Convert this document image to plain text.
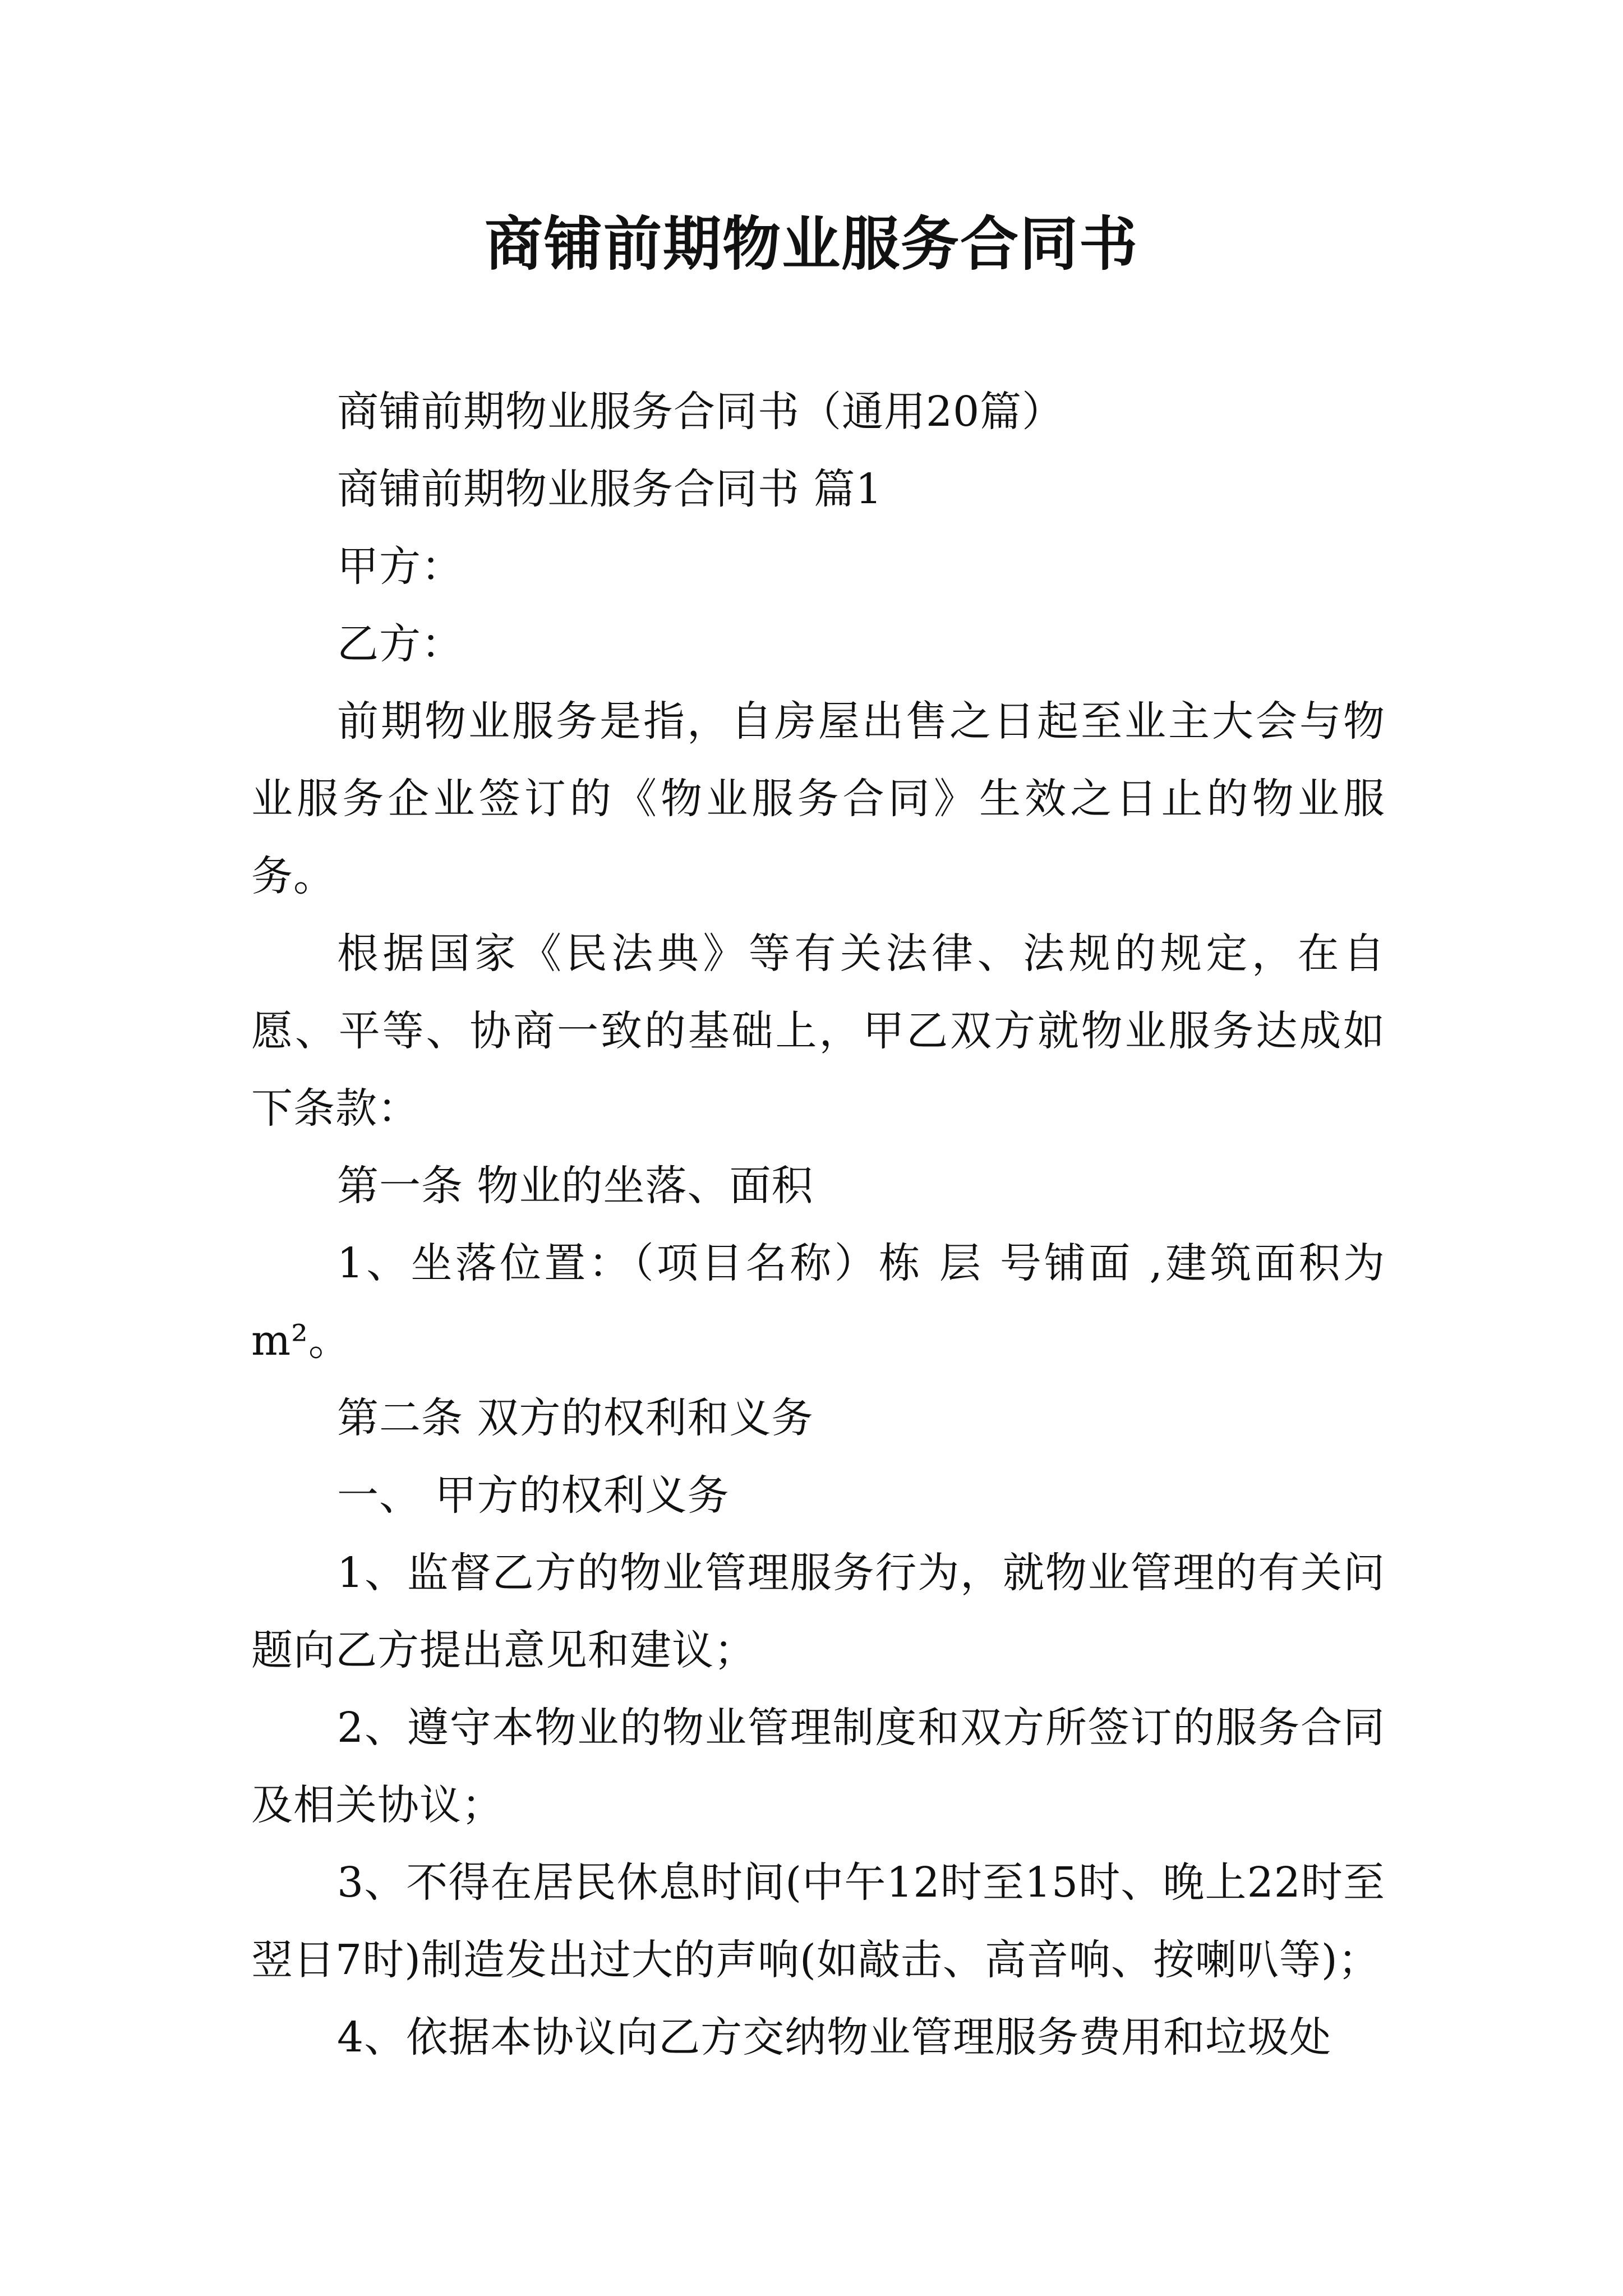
商铺前期物业服务合同书

商铺前期物业服务合同书（通用20篇）

商铺前期物业服务合同书 篇1

甲方：

乙方：

前期物业服务是指，自房屋出售之日起至业主大会与物业服务企业签订的《物业服务合同》生效之日止的物业服务。

根据国家《民法典》等有关法律、法规的规定，在自愿、平等、协商一致的基础上，甲乙双方就物业服务达成如下条款：

第一条 物业的坐落、面积

1、坐落位置：（项目名称）栋 层 号铺面 ,建筑面积为 m²。

第二条 双方的权利和义务

一、 甲方的权利义务

1、监督乙方的物业管理服务行为，就物业管理的有关问题向乙方提出意见和建议；

2、遵守本物业的物业管理制度和双方所签订的服务合同及相关协议；

3、不得在居民休息时间(中午12时至15时、晚上22时至翌日7时)制造发出过大的声响(如敲击、高音响、按喇叭等)；

4、依据本协议向乙方交纳物业管理服务费用和垃圾处
